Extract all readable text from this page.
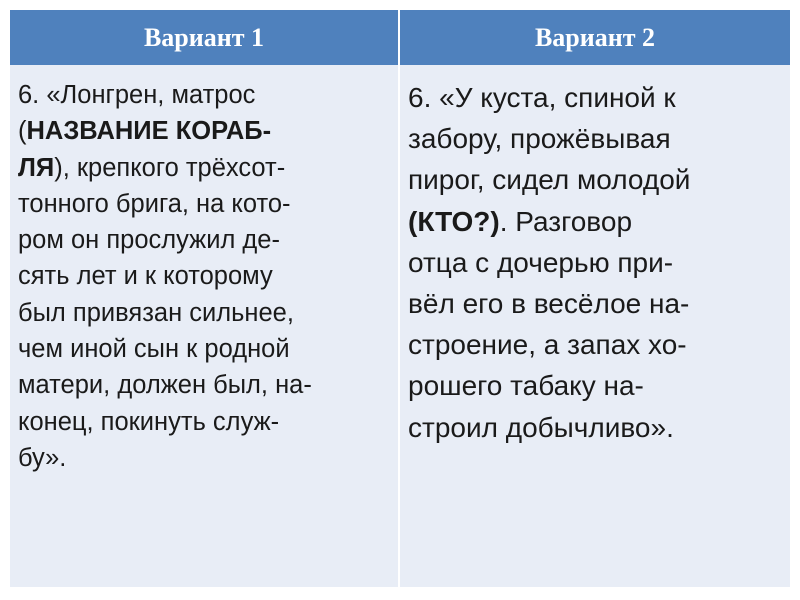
Вариант 1	Вариант 2
6. «Лонгрен, матрос
(НАЗВАНИЕ КОРАБ-
ЛЯ), крепкого трёхсот-
тонного брига, на кото-
ром он прослужил де-
сять лет и к которому
был привязан сильнее,
чем иной сын к родной
матери, должен был, на-
конец, покинуть служ-
бу».
6. «У куста, спиной к
забору, прожёвывая
пирог, сидел молодой
(КТО?). Разговор
отца с дочерью при-
вёл его в весёлое на-
строение, а запах хо-
рошего табаку на-
строил добычливо».
